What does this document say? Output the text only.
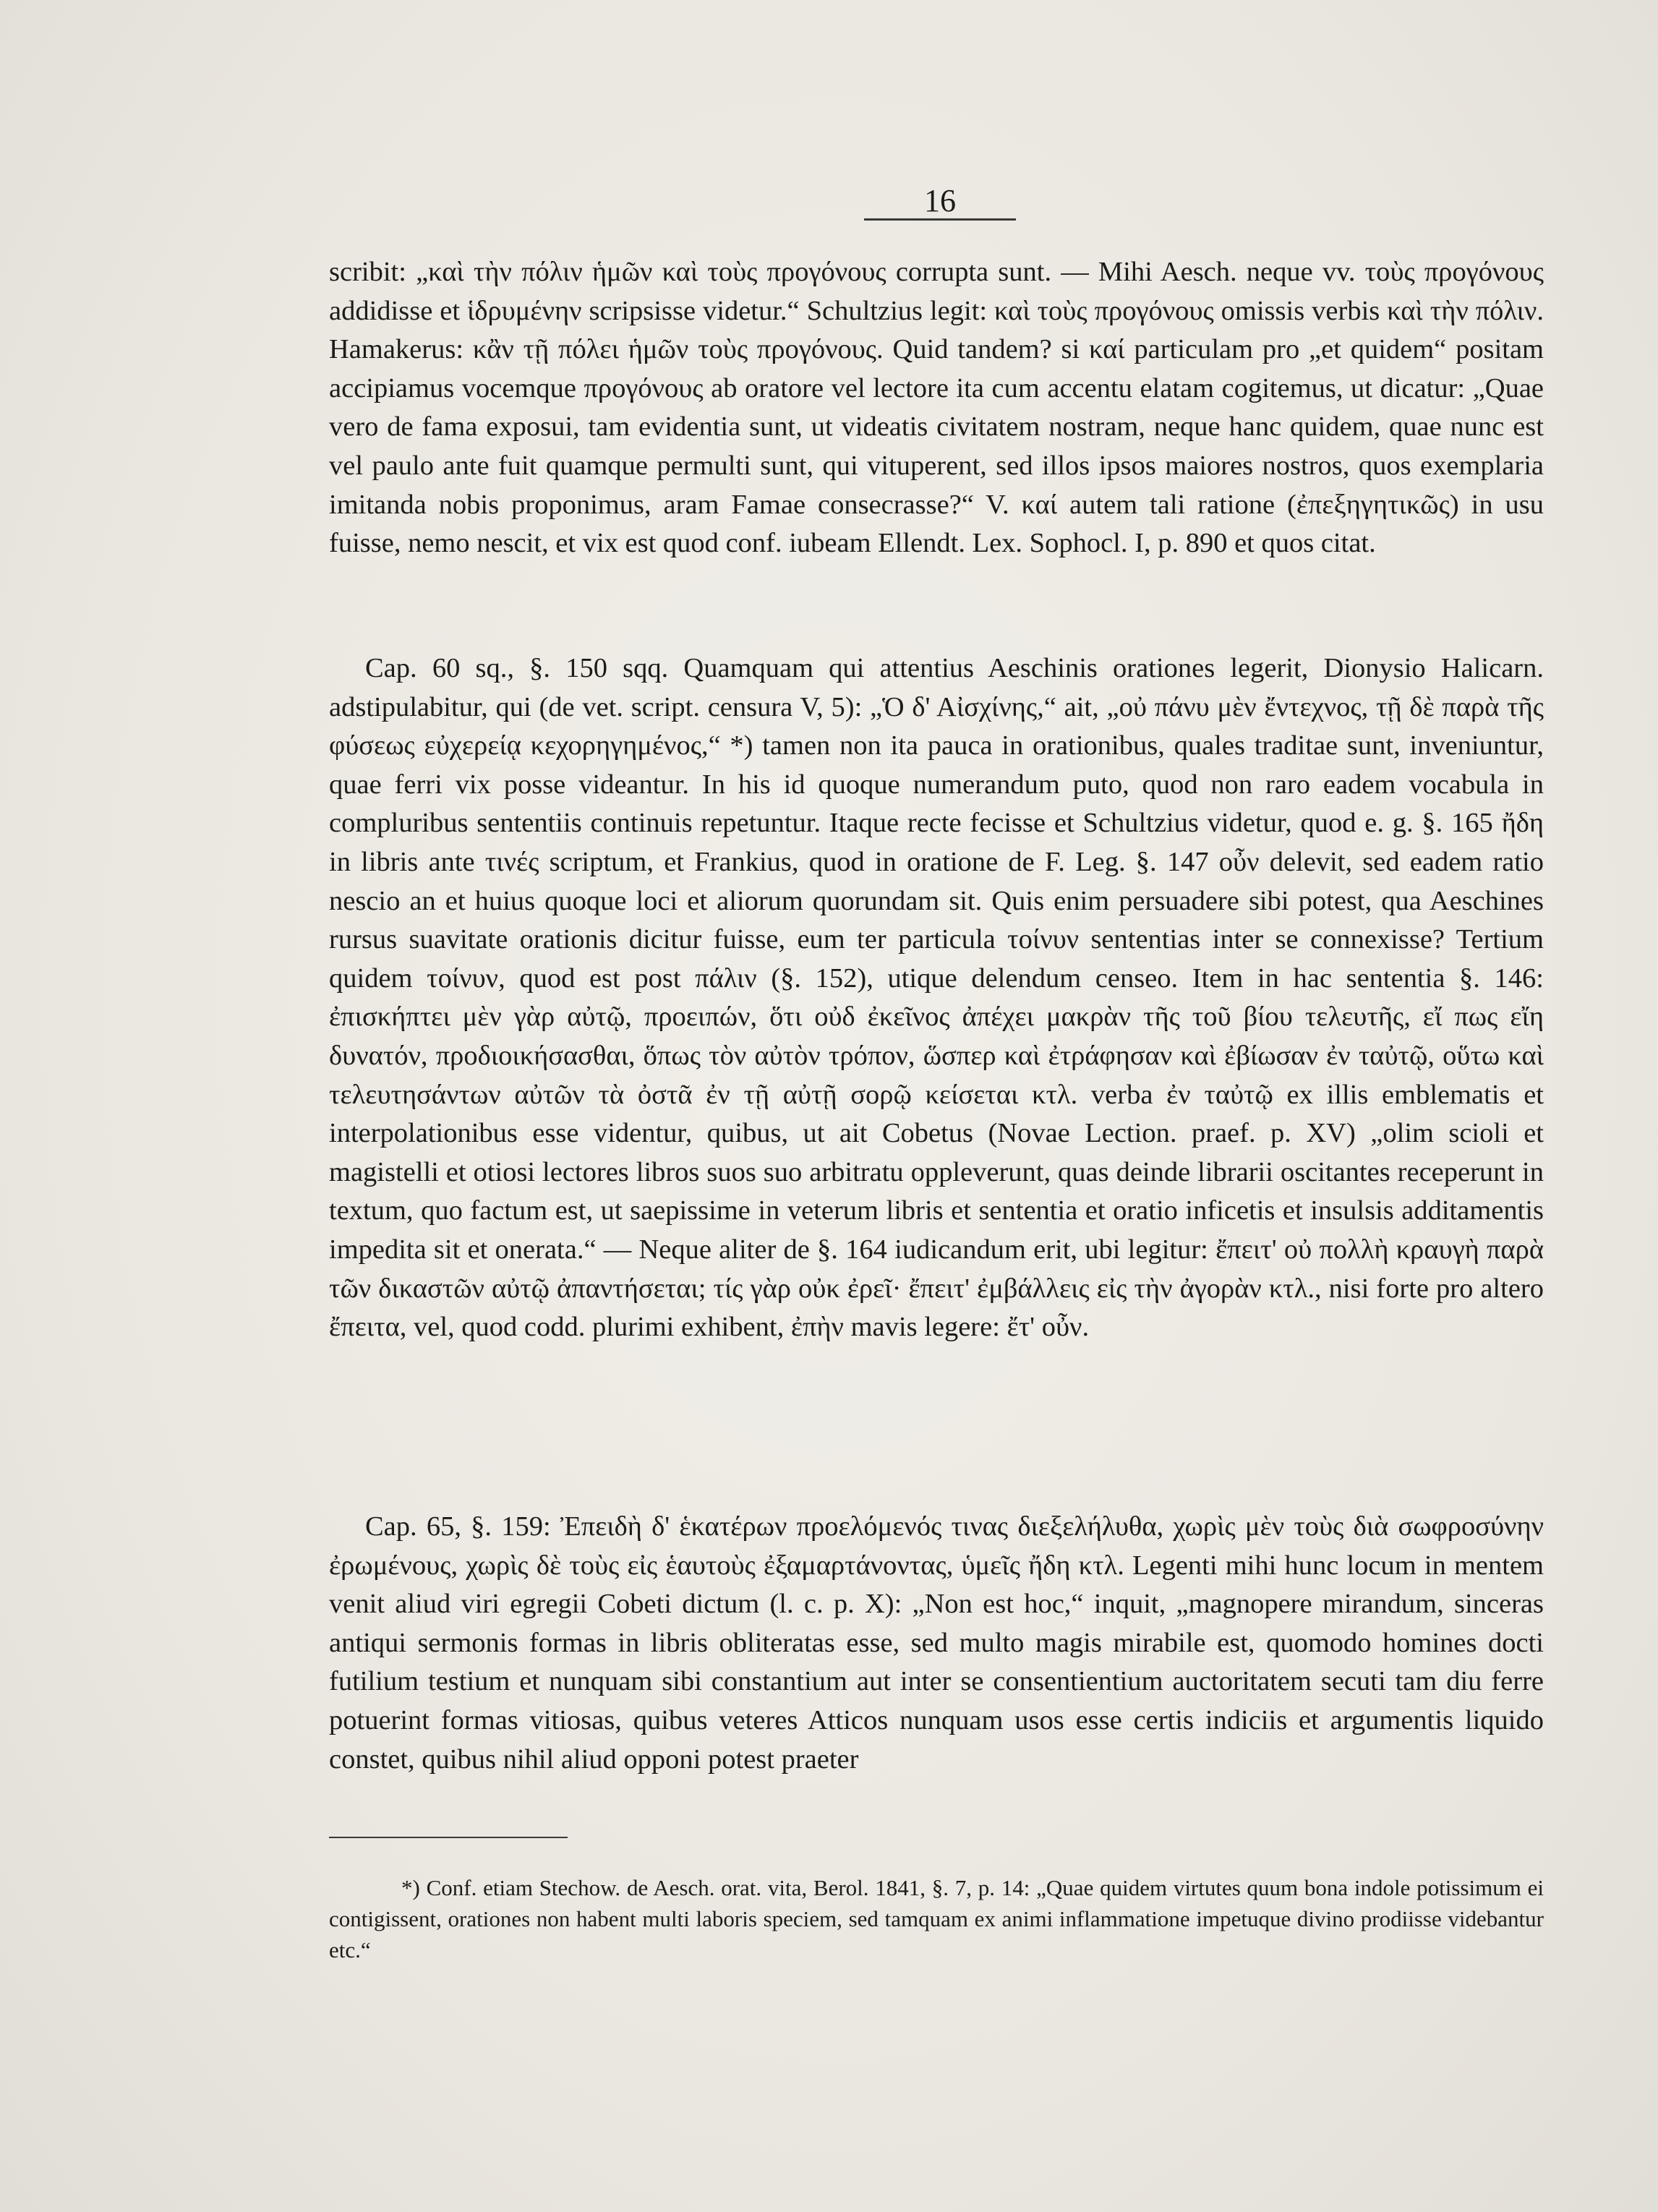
16

scribit: „καὶ τὴν πόλιν ἡμῶν καὶ τοὺς προγόνους corrupta sunt. — Mihi Aesch. neque vv. τοὺς προγόνους addidisse et ἱδρυμένην scripsisse videtur.“ Schultzius legit: καὶ τοὺς προγόνους omissis verbis καὶ τὴν πόλιν. Hamakerus: κἂν τῇ πόλει ἡμῶν τοὺς προγόνους. Quid tandem? si καί particulam pro „et quidem“ positam accipiamus vocemque προγόνους ab oratore vel lectore ita cum accentu elatam cogitemus, ut dicatur: „Quae vero de fama exposui, tam evidentia sunt, ut videatis civitatem nostram, neque hanc quidem, quae nunc est vel paulo ante fuit quamque permulti sunt, qui vituperent, sed illos ipsos maiores nostros, quos exemplaria imitanda nobis proponimus, aram Famae consecrasse?“ V. καί autem tali ratione (ἐπεξηγητικῶς) in usu fuisse, nemo nescit, et vix est quod conf. iubeam Ellendt. Lex. Sophocl. I, p. 890 et quos citat.

Cap. 60 sq., §. 150 sqq. Quamquam qui attentius Aeschinis orationes legerit, Dionysio Halicarn. adstipulabitur, qui (de vet. script. censura V, 5): „Ὁ δ' Αἰσχίνης,“ ait, „οὐ πάνυ μὲν ἔντεχνος, τῇ δὲ παρὰ τῆς φύσεως εὐχερείᾳ κεχορηγημένος,“ *) tamen non ita pauca in orationibus, quales traditae sunt, inveniuntur, quae ferri vix posse videantur. In his id quoque numerandum puto, quod non raro eadem vocabula in compluribus sententiis continuis repetuntur. Itaque recte fecisse et Schultzius videtur, quod e. g. §. 165 ἤδη in libris ante τινές scriptum, et Frankius, quod in oratione de F. Leg. §. 147 οὖν delevit, sed eadem ratio nescio an et huius quoque loci et aliorum quorundam sit. Quis enim persuadere sibi potest, qua Aeschines rursus suavitate orationis dicitur fuisse, eum ter particula τοίνυν sententias inter se connexisse? Tertium quidem τοίνυν, quod est post πάλιν (§. 152), utique delendum censeo. Item in hac sententia §. 146: ἐπισκήπτει μὲν γὰρ αὐτῷ, προειπών, ὅτι οὐδ ἐκεῖνος ἀπέχει μακρὰν τῆς τοῦ βίου τελευτῆς, εἴ πως εἴη δυνατόν, προδιοικήσασθαι, ὅπως τὸν αὐτὸν τρόπον, ὥσπερ καὶ ἐτράφησαν καὶ ἐβίωσαν ἐν ταὐτῷ, οὕτω καὶ τελευτησάντων αὐτῶν τὰ ὀστᾶ ἐν τῇ αὐτῇ σορῷ κείσεται κτλ. verba ἐν ταὐτῷ ex illis emblematis et interpolationibus esse videntur, quibus, ut ait Cobetus (Novae Lection. praef. p. XV) „olim scioli et magistelli et otiosi lectores libros suos suo arbitratu oppleverunt, quas deinde librarii oscitantes receperunt in textum, quo factum est, ut saepissime in veterum libris et sententia et oratio inficetis et insulsis additamentis impedita sit et onerata.“ — Neque aliter de §. 164 iudicandum erit, ubi legitur: ἔπειτ' οὐ πολλὴ κραυγὴ παρὰ τῶν δικαστῶν αὐτῷ ἀπαντήσεται; τίς γὰρ οὐκ ἐρεῖ· ἔπειτ' ἐμβάλλεις εἰς τὴν ἀγορὰν κτλ., nisi forte pro altero ἔπειτα, vel, quod codd. plurimi exhibent, ἐπὴν mavis legere: ἔτ' οὖν.

Cap. 65, §. 159: Ἐπειδὴ δ' ἑκατέρων προελόμενός τινας διεξελήλυθα, χωρὶς μὲν τοὺς διὰ σωφροσύνην ἐρωμένους, χωρὶς δὲ τοὺς εἰς ἑαυτοὺς ἐξαμαρτάνοντας, ὑμεῖς ἤδη κτλ. Legenti mihi hunc locum in mentem venit aliud viri egregii Cobeti dictum (l. c. p. X): „Non est hoc,“ inquit, „magnopere mirandum, sinceras antiqui sermonis formas in libris obliteratas esse, sed multo magis mirabile est, quomodo homines docti futilium testium et nunquam sibi constantium aut inter se consentientium auctoritatem secuti tam diu ferre potuerint formas vitiosas, quibus veteres Atticos nunquam usos esse certis indiciis et argumentis liquido constet, quibus nihil aliud opponi potest praeter

*) Conf. etiam Stechow. de Aesch. orat. vita, Berol. 1841, §. 7, p. 14: „Quae quidem virtutes quum bona indole potissimum ei contigissent, orationes non habent multi laboris speciem, sed tamquam ex animi inflammatione impetuque divino prodiisse videbantur etc.“
